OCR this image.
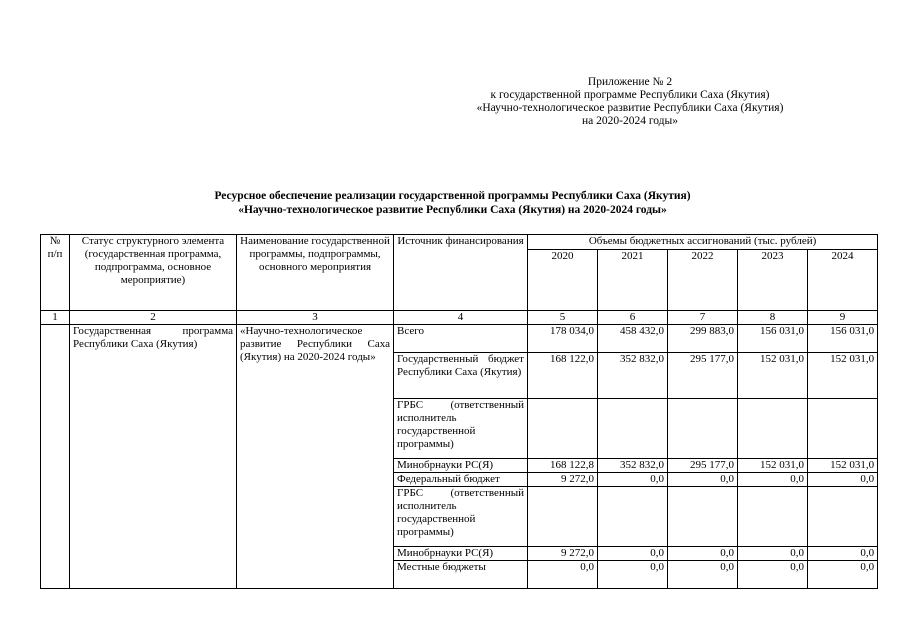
Приложение № 2
к государственной программе Республики Саха (Якутия)
«Научно-технологическое развитие Республики Саха (Якутия)
на 2020-2024 годы»
Ресурсное обеспечение реализации государственной программы Республики Саха (Якутия)
«Научно-технологическое развитие Республики Саха (Якутия) на 2020-2024 годы»
№ п/п	Статус структурного элемента (государственная программа, подпрограмма, основное мероприятие)	Наименование государственной программы, подпрограммы, основного мероприятия	Источник финансирования	Объемы бюджетных ассигнований (тыс. рублей)				
				2020	2021	2022	2023	2024
1	2	3	4	5	6	7	8	9
	Государственная программа Республики Саха (Якутия)	«Научно-технологическое развитие Республики Саха (Якутия) на 2020-2024 годы»	Всего	178 034,0	458 432,0	299 883,0	156 031,0	156 031,0
			Государственный бюджет Республики Саха (Якутия)	168 122,0	352 832,0	295 177,0	152 031,0	152 031,0
			ГРБС (ответственный исполнитель государственной программы)					
			Минобрнауки РС(Я)	168 122,8	352 832,0	295 177,0	152 031,0	152 031,0
			Федеральный бюджет	9 272,0	0,0	0,0	0,0	0,0
			ГРБС (ответственный исполнитель государственной программы)					
			Минобрнауки РС(Я)	9 272,0	0,0	0,0	0,0	0,0
			Местные бюджеты	0,0	0,0	0,0	0,0	0,0
